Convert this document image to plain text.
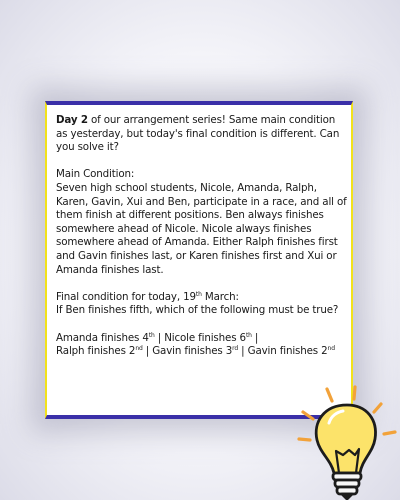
Day 2 of our arrangement series! Same main condition as yesterday, but today's final condition is different. Can you solve it?

Main Condition:

Seven high school students, Nicole, Amanda, Ralph, Karen, Gavin, Xui and Ben, participate in a race, and all of them finish at different positions. Ben always finishes somewhere ahead of Nicole. Nicole always finishes somewhere ahead of Amanda. Either Ralph finishes first and Gavin finishes last, or Karen finishes first and Xui or Amanda finishes last.

Final condition for today, 19th March:

If Ben finishes fifth, which of the following must be true?

Amanda finishes 4th | Nicole finishes 6th |

Ralph finishes 2nd | Gavin finishes 3rd | Gavin finishes 2nd
